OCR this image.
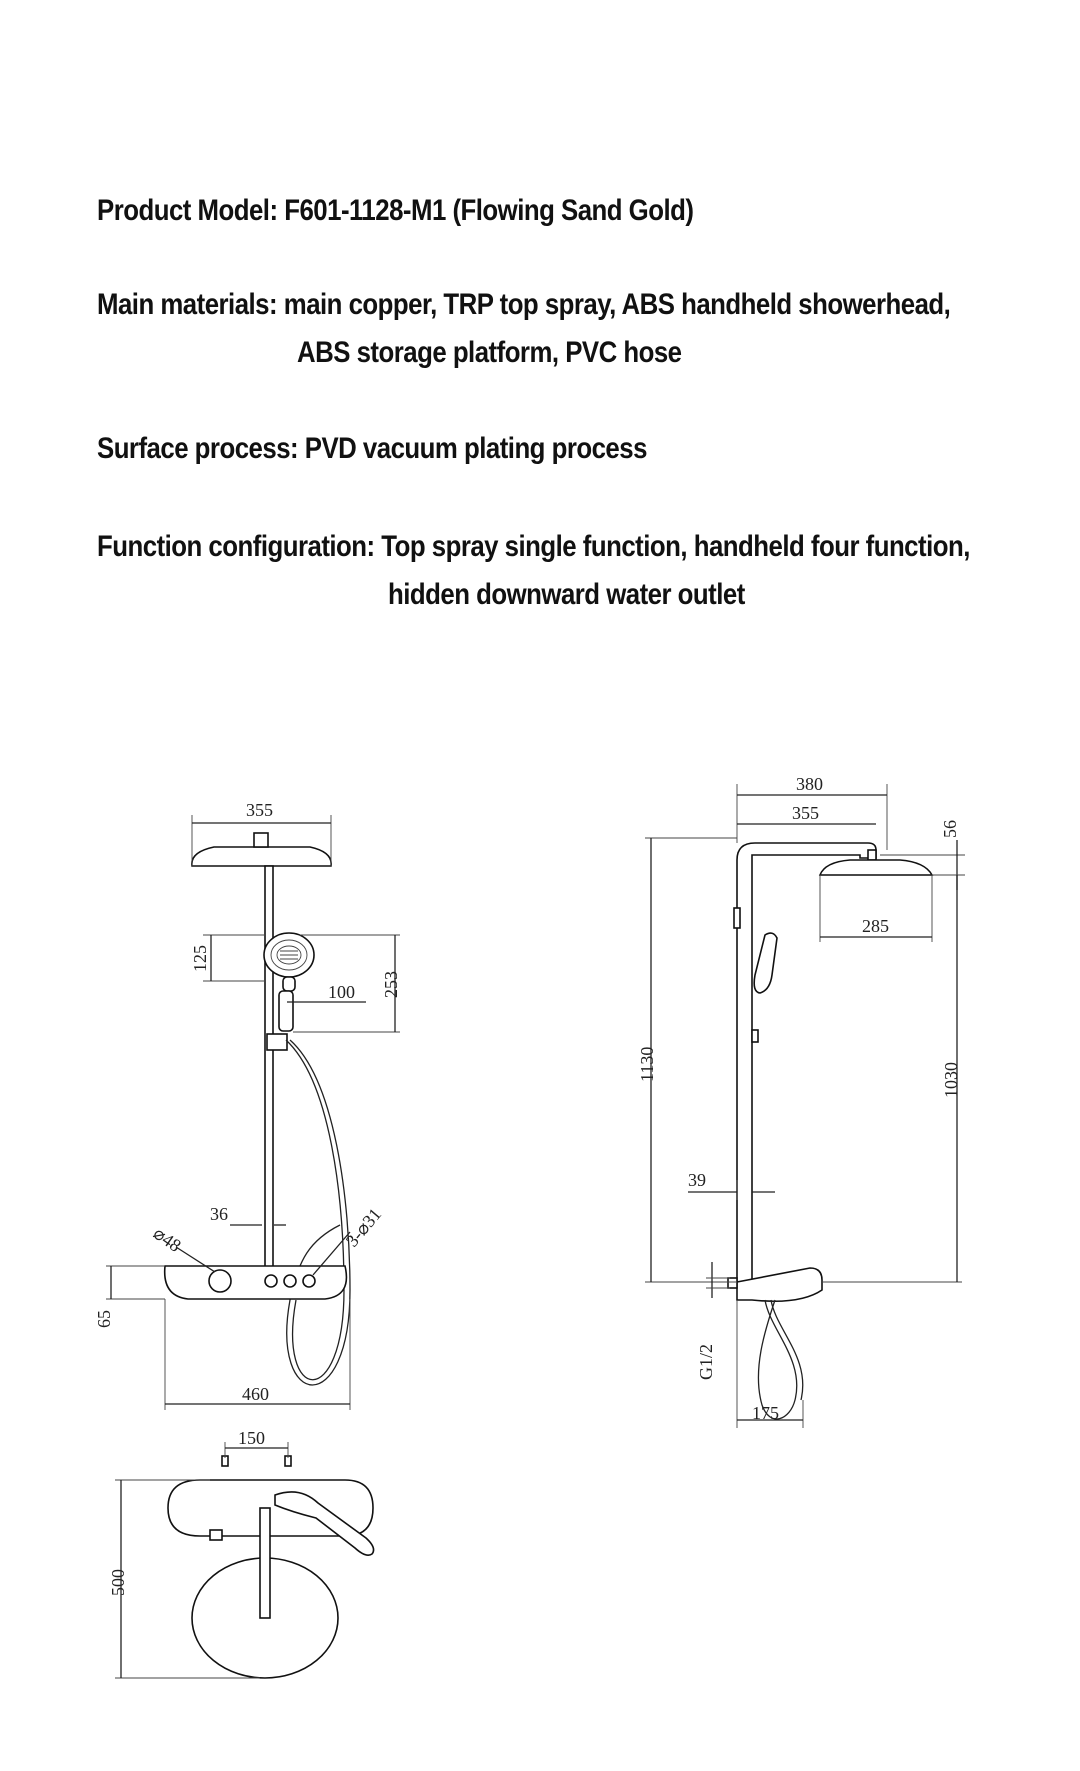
Product Model: F601-1128-M1 (Flowing Sand Gold)
Main materials: main copper, TRP top spray, ABS handheld showerhead,
ABS storage platform, PVC hose
Surface process: PVD vacuum plating process
Function configuration: Top spray single function, handheld four function,
hidden downward water outlet
355
125
253
100
36
⌀48	3-⌀31
65
460
150
500
380
355
56
285
1130	1030
39
G1/2
175
